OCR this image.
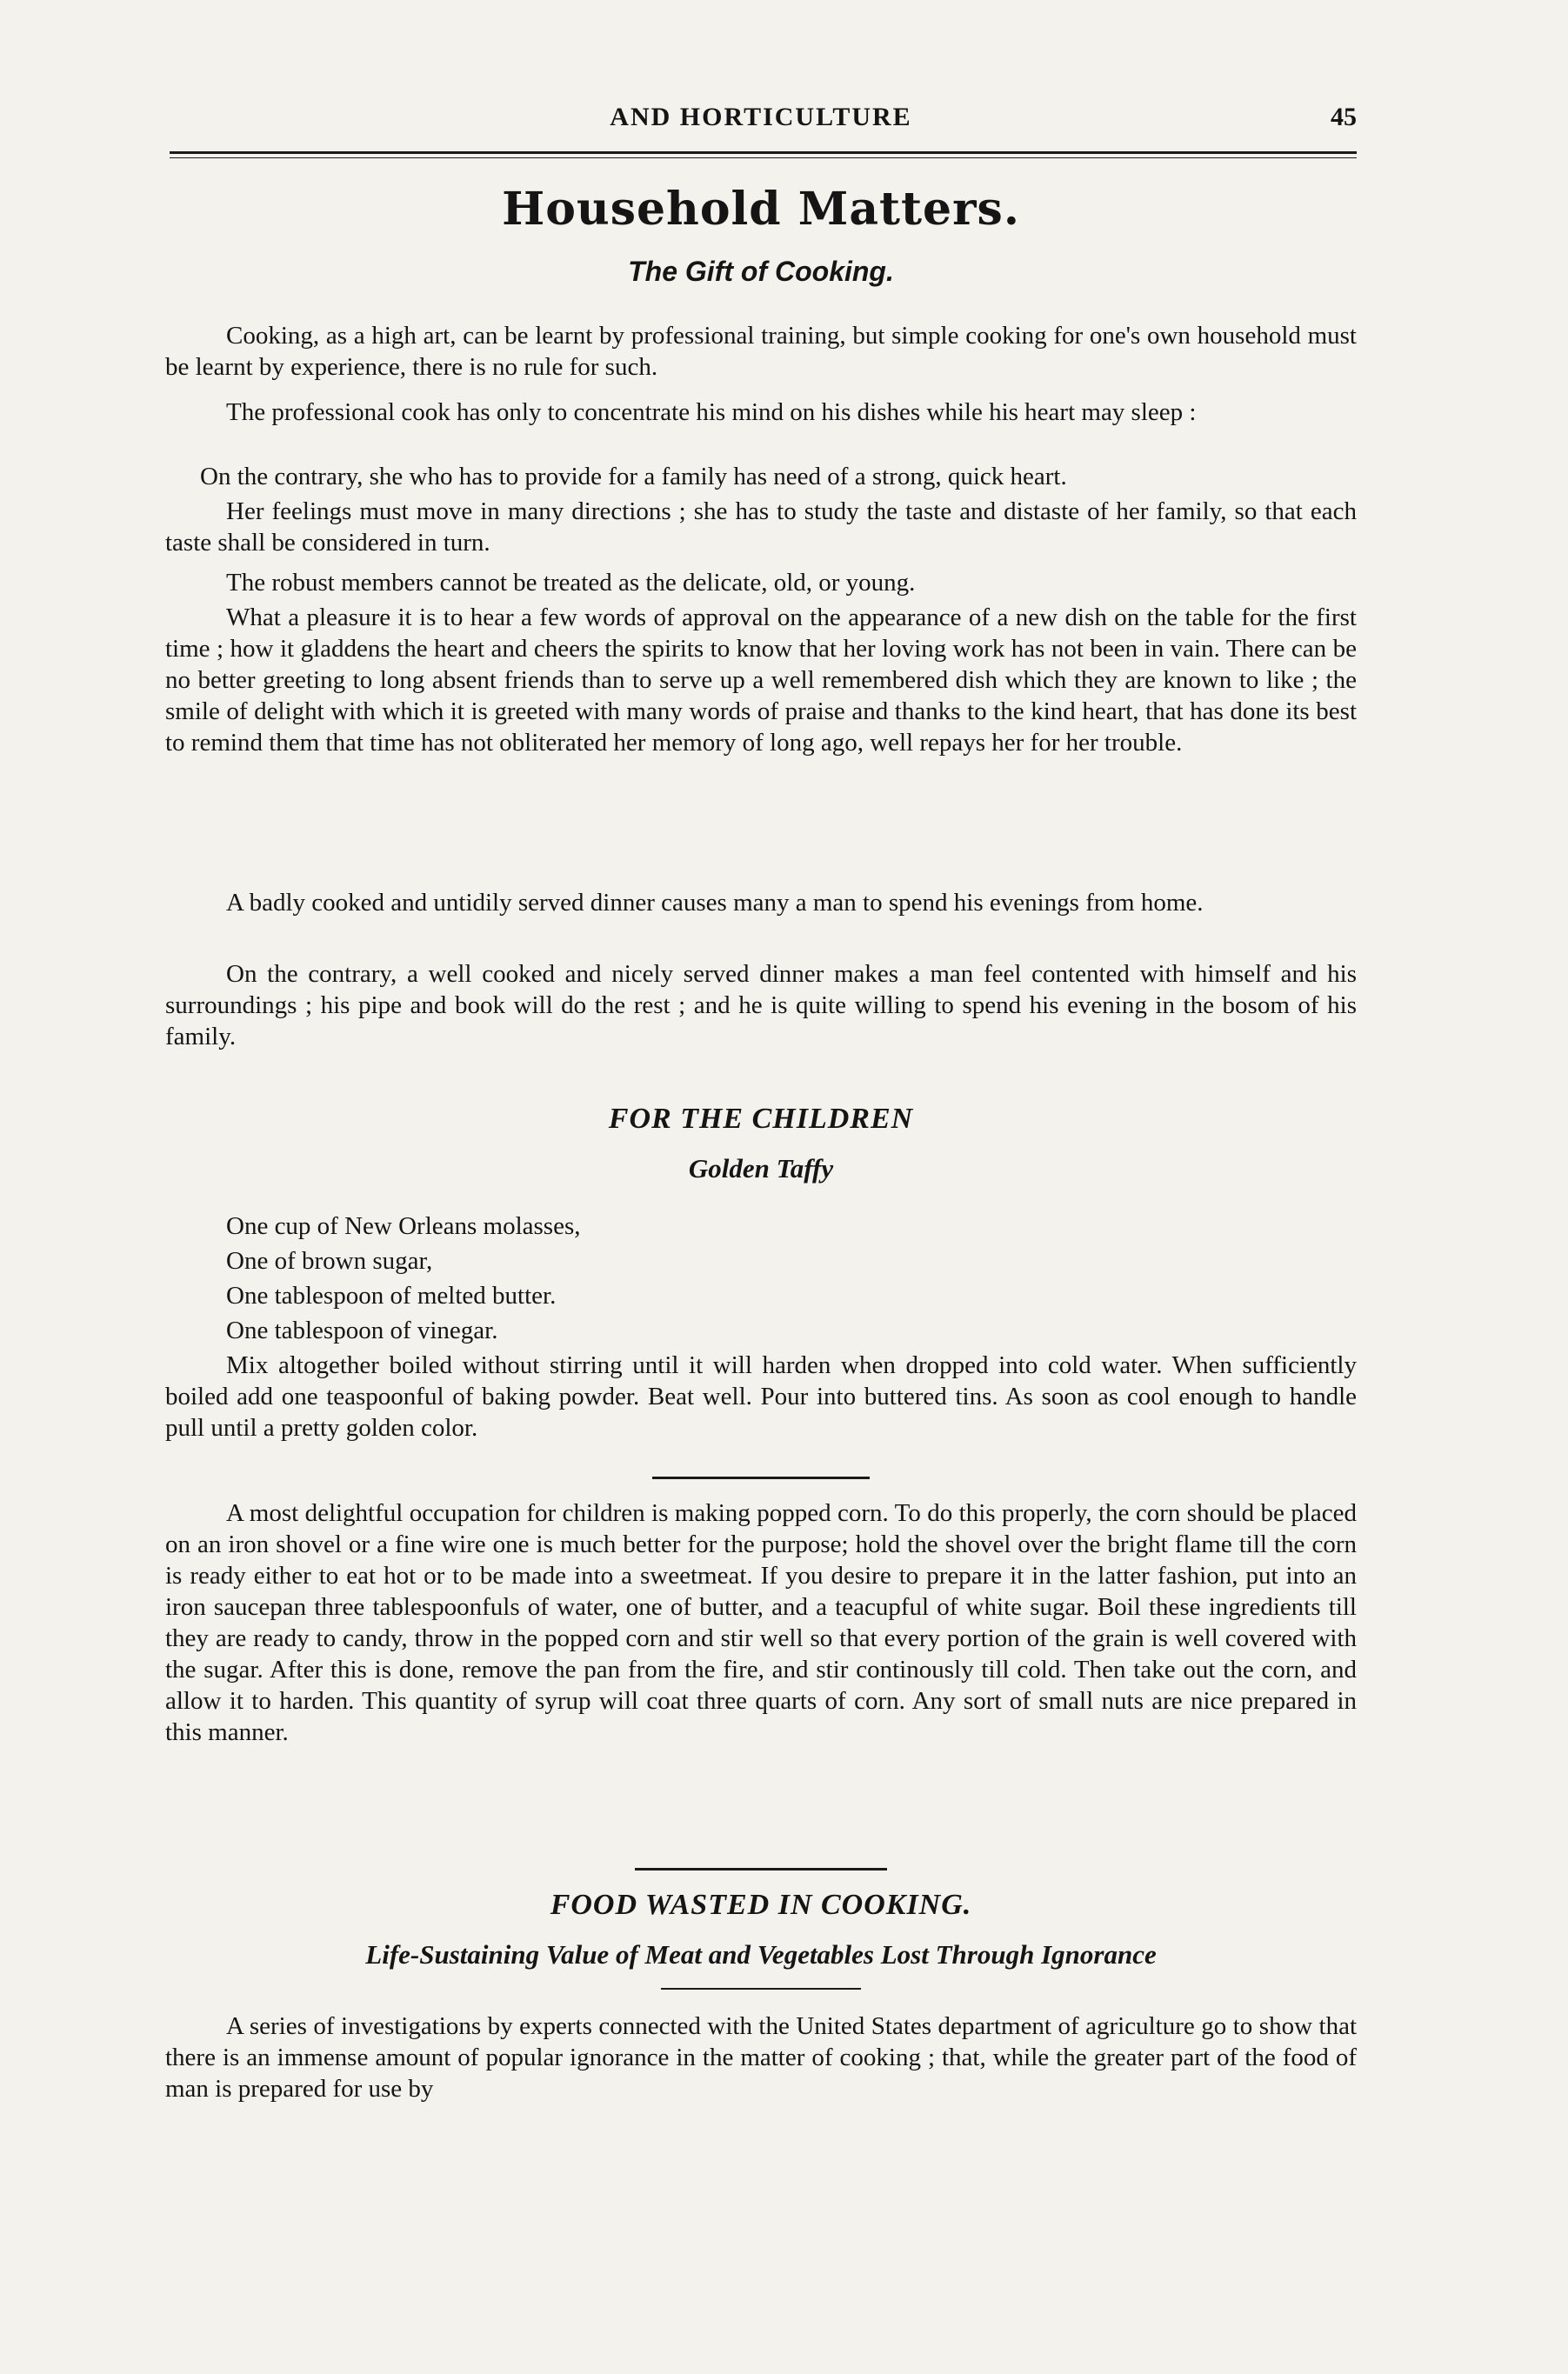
AND HORTICULTURE	45
Household Matters.
The Gift of Cooking.

Cooking, as a high art, can be learnt by professional training, but simple cooking for one's own household must be learnt by experience, there is no rule for such.

The professional cook has only to concentrate his mind on his dishes while his heart may sleep :

On the contrary, she who has to provide for a family has need of a strong, quick heart.

Her feelings must move in many directions ; she has to study the taste and distaste of her family, so that each taste shall be considered in turn.

The robust members cannot be treated as the delicate, old, or young.

What a pleasure it is to hear a few words of approval on the appearance of a new dish on the table for the first time ; how it gladdens the heart and cheers the spirits to know that her loving work has not been in vain. There can be no better greeting to long absent friends than to serve up a well remembered dish which they are known to like ; the smile of delight with which it is greeted with many words of praise and thanks to the kind heart, that has done its best to remind them that time has not obliterated her memory of long ago, well repays her for her trouble.

A badly cooked and untidily served dinner causes many a man to spend his evenings from home.

On the contrary, a well cooked and nicely served dinner makes a man feel contented with himself and his surroundings ; his pipe and book will do the rest ; and he is quite willing to spend his evening in the bosom of his family.

FOR THE CHILDREN
Golden Taffy

One cup of New Orleans molasses,

One of brown sugar,

One tablespoon of melted butter.

One tablespoon of vinegar.

Mix altogether boiled without stirring until it will harden when dropped into cold water. When sufficiently boiled add one teaspoonful of baking powder. Beat well. Pour into buttered tins. As soon as cool enough to handle pull until a pretty golden color.

A most delightful occupation for children is making popped corn. To do this properly, the corn should be placed on an iron shovel or a fine wire one is much better for the purpose; hold the shovel over the bright flame till the corn is ready either to eat hot or to be made into a sweetmeat. If you desire to prepare it in the latter fashion, put into an iron saucepan three tablespoonfuls of water, one of butter, and a teacupful of white sugar. Boil these ingredients till they are ready to candy, throw in the popped corn and stir well so that every portion of the grain is well covered with the sugar. After this is done, remove the pan from the fire, and stir continously till cold. Then take out the corn, and allow it to harden. This quantity of syrup will coat three quarts of corn. Any sort of small nuts are nice prepared in this manner.

FOOD WASTED IN COOKING.
Life-Sustaining Value of Meat and Vegetables Lost Through Ignorance

A series of investigations by experts connected with the United States department of agriculture go to show that there is an immense amount of popular ignorance in the matter of cooking ; that, while the greater part of the food of man is prepared for use by
